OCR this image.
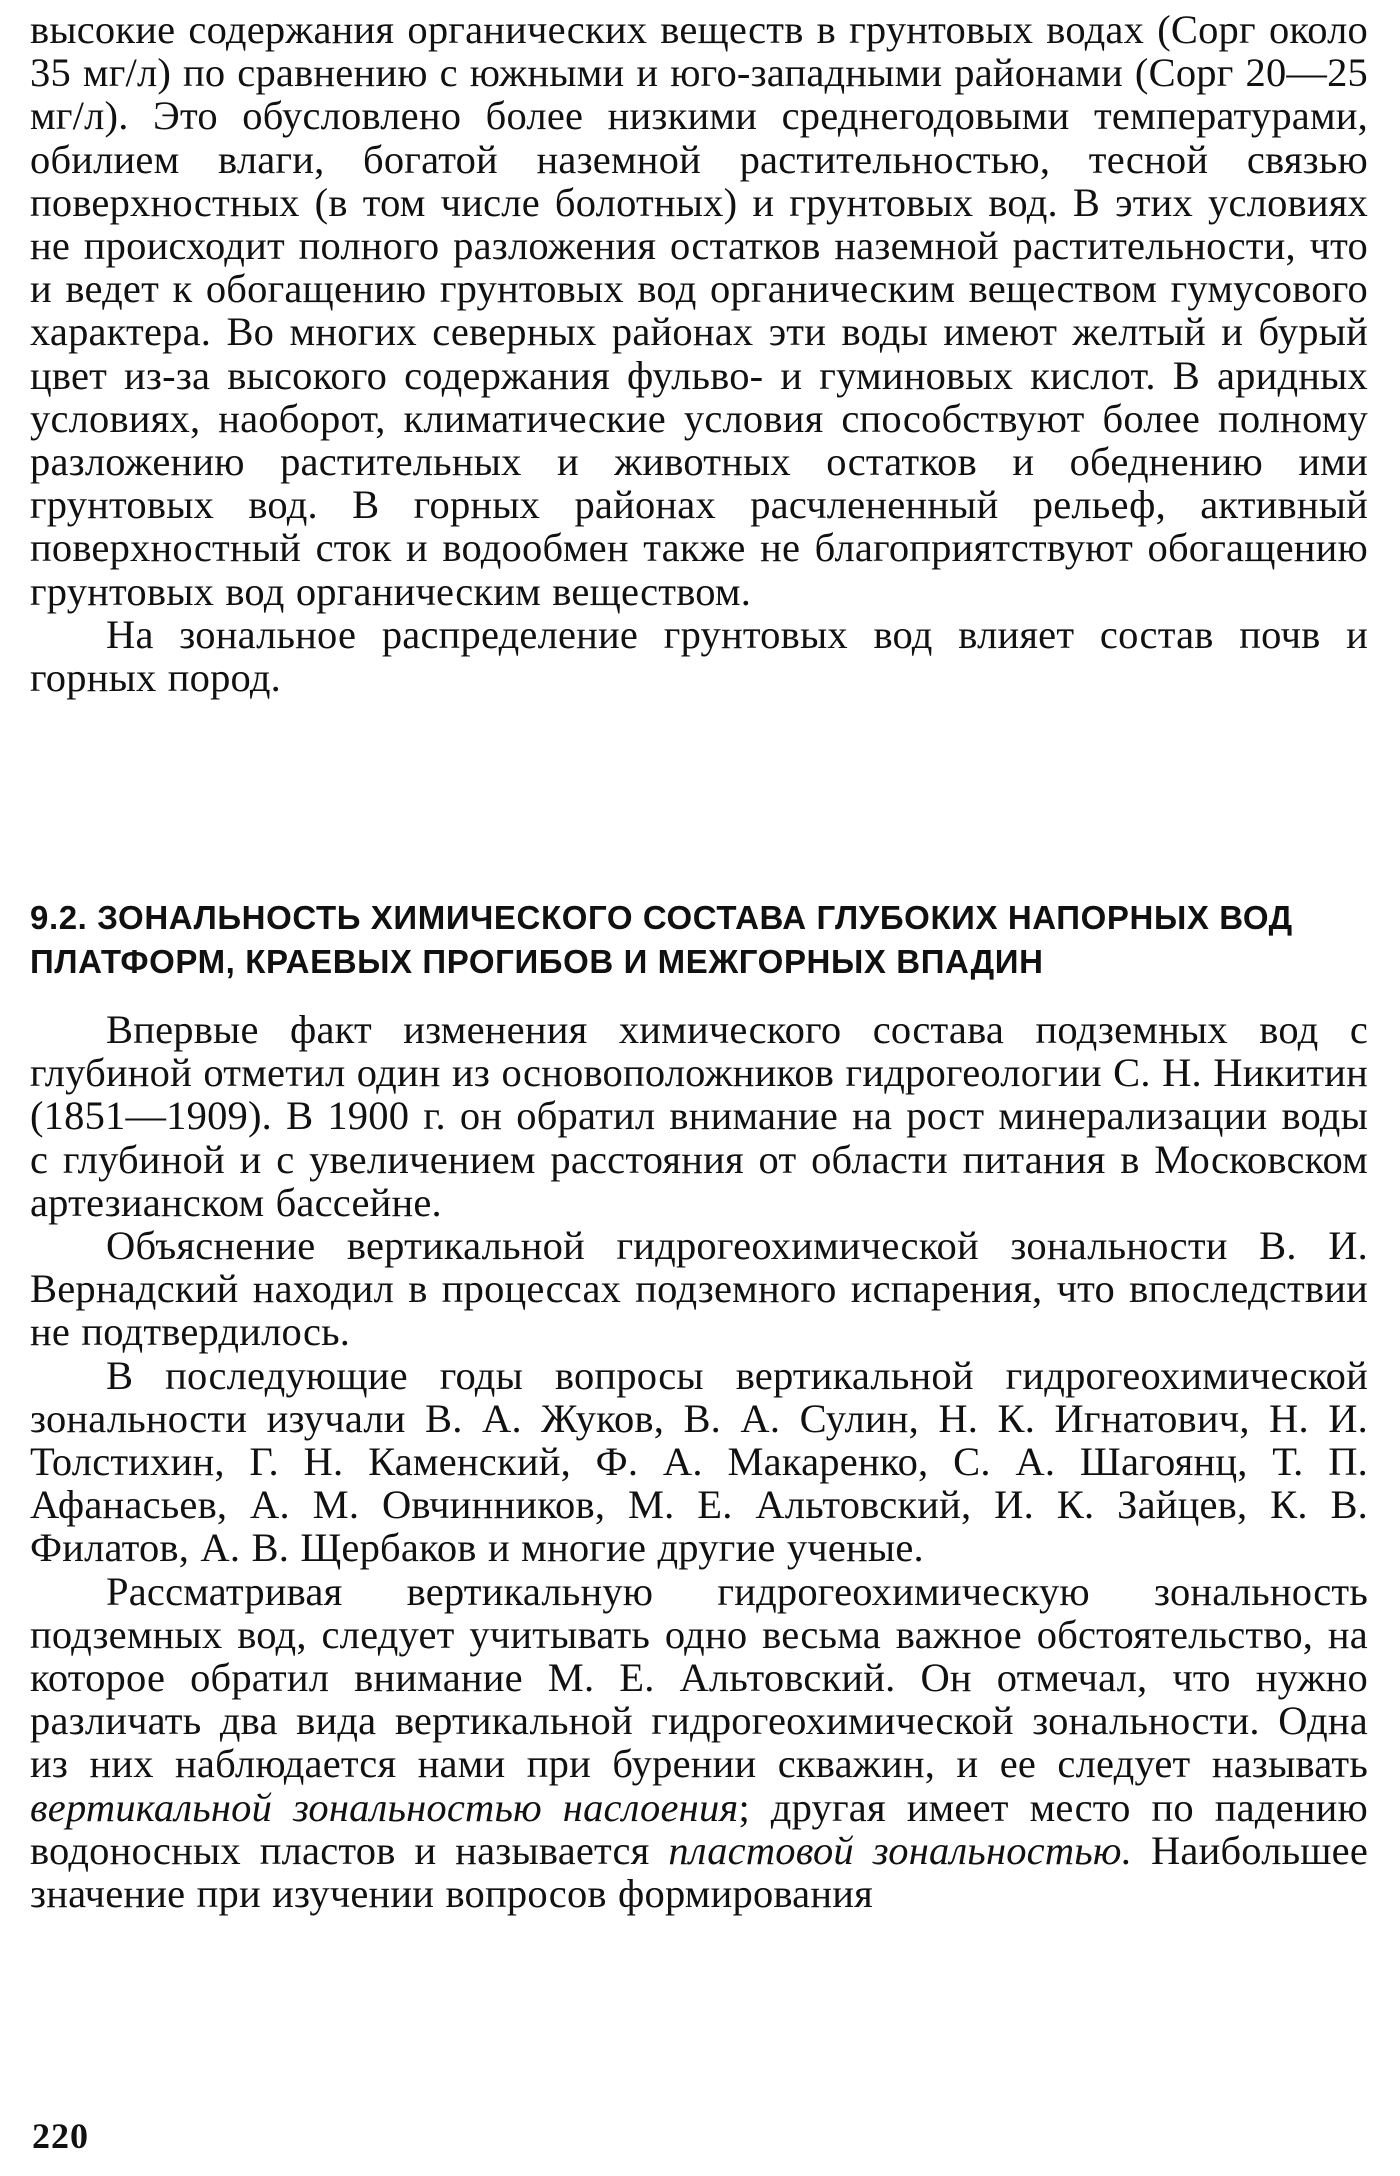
высокие содержания органических веществ в грунтовых водах (Cорг около 35 мг/л) по сравнению с южными и юго-западными районами (Cорг 20—25 мг/л). Это обусловлено более низкими среднегодовыми температурами, обилием влаги, богатой наземной растительностью, тесной связью поверхностных (в том числе болотных) и грунтовых вод. В этих условиях не происходит полного разложения остатков наземной растительности, что и ведет к обогащению грунтовых вод органическим веществом гумусового характера. Во многих северных районах эти воды имеют желтый и бурый цвет из-за высокого содержания фульво- и гуминовых кислот. В аридных условиях, наоборот, климатические условия способствуют более полному разложению растительных и животных остатков и обеднению ими грунтовых вод. В горных районах расчлененный рельеф, активный поверхностный сток и водообмен также не благоприятствуют обогащению грунтовых вод органическим веществом.

На зональное распределение грунтовых вод влияет состав почв и горных пород.

9.2. ЗОНАЛЬНОСТЬ ХИМИЧЕСКОГО СОСТАВА ГЛУБОКИХ НАПОРНЫХ ВОД ПЛАТФОРМ, КРАЕВЫХ ПРОГИБОВ И МЕЖГОРНЫХ ВПАДИН

Впервые факт изменения химического состава подземных вод с глубиной отметил один из основоположников гидрогеологии С. Н. Никитин (1851—1909). В 1900 г. он обратил внимание на рост минерализации воды с глубиной и с увеличением расстояния от области питания в Московском артезианском бассейне.

Объяснение вертикальной гидрогеохимической зональности В. И. Вернадский находил в процессах подземного испарения, что впоследствии не подтвердилось.

В последующие годы вопросы вертикальной гидрогеохимической зональности изучали В. А. Жуков, В. А. Сулин, Н. К. Игнатович, Н. И. Толстихин, Г. Н. Каменский, Ф. А. Макаренко, С. А. Шагоянц, Т. П. Афанасьев, А. М. Овчинников, М. Е. Альтовский, И. К. Зайцев, К. В. Филатов, А. В. Щербаков и многие другие ученые.

Рассматривая вертикальную гидрогеохимическую зональность подземных вод, следует учитывать одно весьма важное обстоятельство, на которое обратил внимание М. Е. Альтовский. Он отмечал, что нужно различать два вида вертикальной гидрогеохимической зональности. Одна из них наблюдается нами при бурении скважин, и ее следует называть вертикальной зональностью наслоения; другая имеет место по падению водоносных пластов и называется пластовой зональностью. Наибольшее значение при изучении вопросов формирования

220
